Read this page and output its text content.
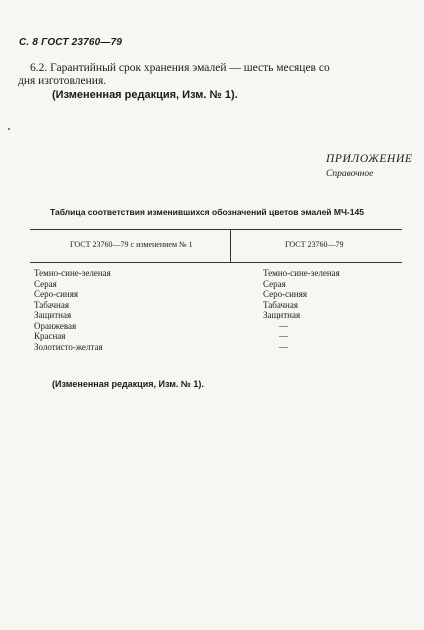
С. 8 ГОСТ 23760—79
6.2. Гарантийный срок хранения эмалей — шесть месяцев со
дня изготовления.
(Измененная редакция, Изм. № 1).
ПРИЛОЖЕНИЕ
Справочное
Таблица соответствия изменившихся обозначений цветов эмалей МЧ-145
ГОСТ 23760—79 с изменением № 1	ГОСТ 23760—79
Темно-сине-зеленая
Серая
Серо-синяя
Табачная
Защитная
Оранжевая
Красная
Золотисто-желтая
Темно-сине-зеленая
Серая
Серо-синяя
Табачная
Защитная
—
—
—
(Измененная редакция, Изм. № 1).
